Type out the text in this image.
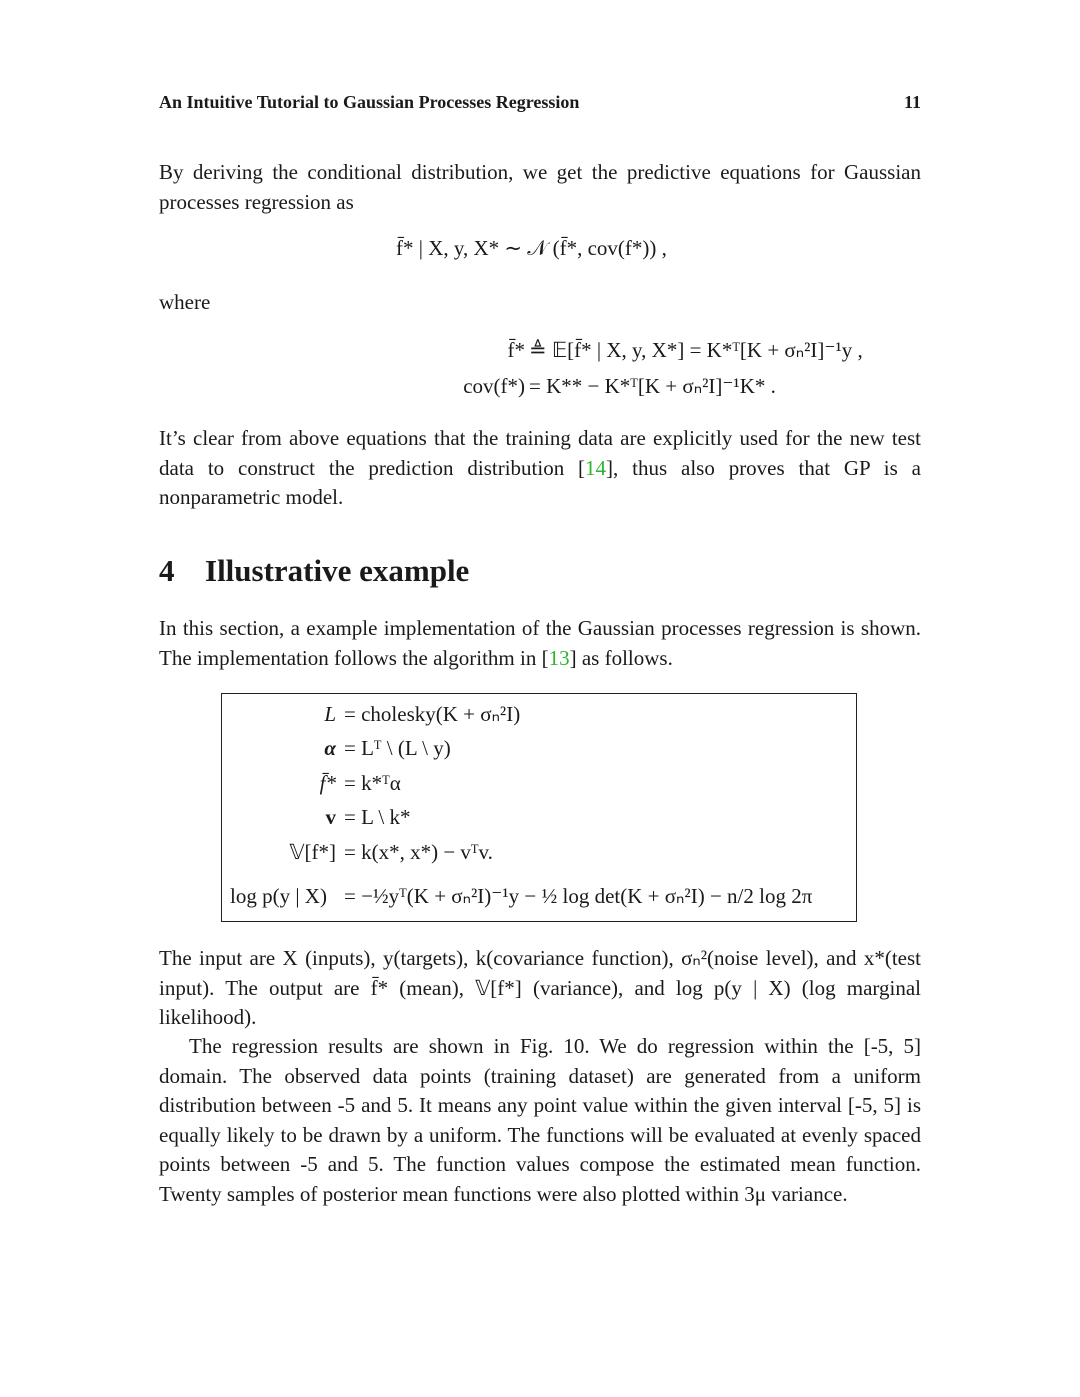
An Intuitive Tutorial to Gaussian Processes Regression	11

By deriving the conditional distribution, we get the predictive equations for Gaussian processes regression as

f̄* | X, y, X* ∼ 𝒩 (f̄*, cov(f*)) ,
where
f̄* ≜ 𝔼[f̄* | X, y, X*] = K*ᵀ[K + σₙ²I]⁻¹y ,
cov(f*) = K** − K*ᵀ[K + σₙ²I]⁻¹K* .

It’s clear from above equations that the training data are explicitly used for the new test data to construct the prediction distribution [14], thus also proves that GP is a nonparametric model.

4 Illustrative example

In this section, a example implementation of the Gaussian processes regression is shown. The implementation follows the algorithm in [13] as follows.

L = cholesky(K + σₙ²I)
α = Lᵀ \ (L \ y)
f̄* = k*ᵀα
v = L \ k*
𝕍[f*] = k(x*, x*) − vᵀv.
log p(y | X) = −½yᵀ(K + σₙ²I)⁻¹y − ½ log det(K + σₙ²I) − n/2 log 2π

The input are X (inputs), y(targets), k(covariance function), σₙ²(noise level), and x*(test input). The output are f̄* (mean), 𝕍[f*] (variance), and log p(y | X) (log marginal likelihood).

The regression results are shown in Fig. 10. We do regression within the [-5, 5] domain. The observed data points (training dataset) are generated from a uniform distribution between -5 and 5. It means any point value within the given interval [-5, 5] is equally likely to be drawn by a uniform. The functions will be evaluated at evenly spaced points between -5 and 5. The function values compose the estimated mean function. Twenty samples of posterior mean functions were also plotted within 3μ variance.
